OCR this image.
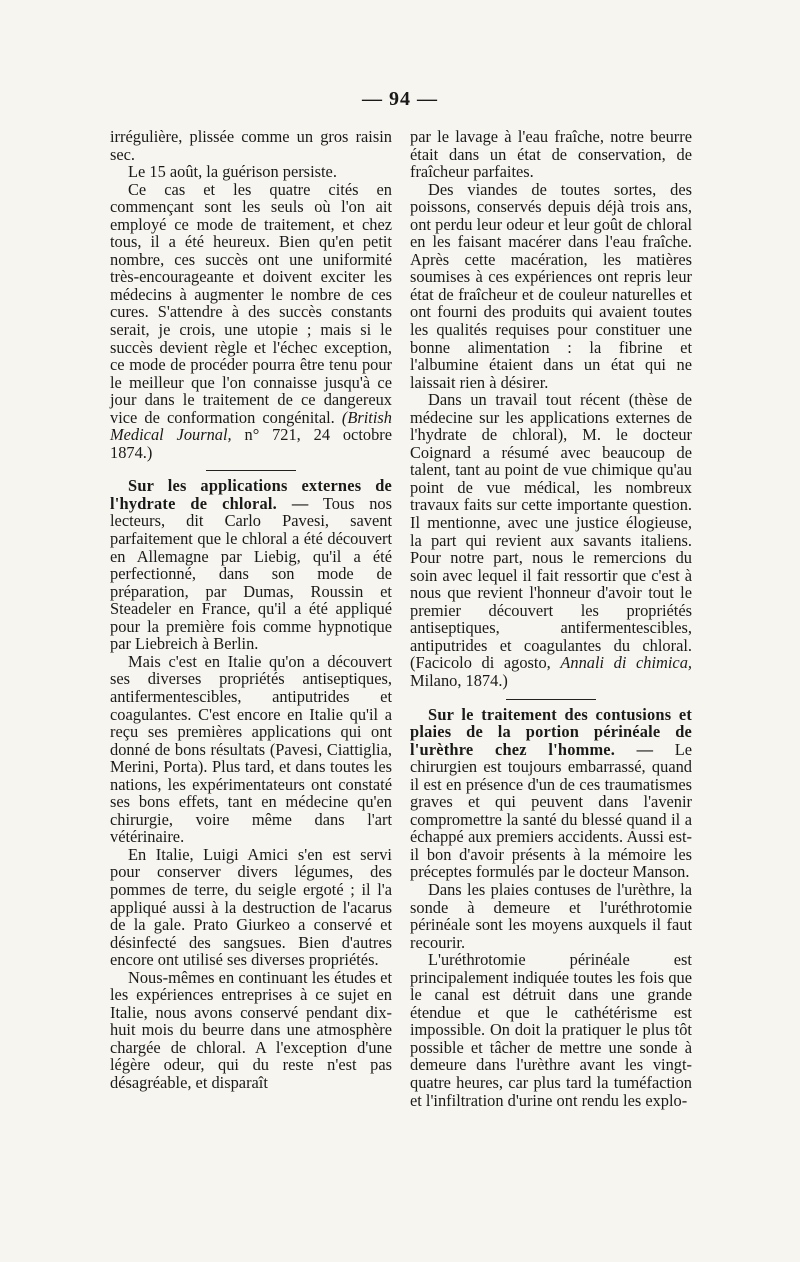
— 94 —

irrégulière, plissée comme un gros raisin sec.

Le 15 août, la guérison persiste.

Ce cas et les quatre cités en commençant sont les seuls où l'on ait employé ce mode de traitement, et chez tous, il a été heureux. Bien qu'en petit nombre, ces succès ont une uniformité très-encourageante et doivent exciter les médecins à augmenter le nombre de ces cures. S'attendre à des succès constants serait, je crois, une utopie ; mais si le succès devient règle et l'échec exception, ce mode de procéder pourra être tenu pour le meilleur que l'on connaisse jusqu'à ce jour dans le traitement de ce dangereux vice de conformation congénital. (British Medical Journal, n° 721, 24 octobre 1874.)

Sur les applications externes de l'hydrate de chloral. — Tous nos lecteurs, dit Carlo Pavesi, savent parfaitement que le chloral a été découvert en Allemagne par Liebig, qu'il a été perfectionné, dans son mode de préparation, par Dumas, Roussin et Steadeler en France, qu'il a été appliqué pour la première fois comme hypnotique par Liebreich à Berlin.

Mais c'est en Italie qu'on a découvert ses diverses propriétés antiseptiques, antifermentescibles, antiputrides et coagulantes. C'est encore en Italie qu'il a reçu ses premières applications qui ont donné de bons résultats (Pavesi, Ciattiglia, Merini, Porta). Plus tard, et dans toutes les nations, les expérimentateurs ont constaté ses bons effets, tant en médecine qu'en chirurgie, voire même dans l'art vétérinaire.

En Italie, Luigi Amici s'en est servi pour conserver divers légumes, des pommes de terre, du seigle ergoté ; il l'a appliqué aussi à la destruction de l'acarus de la gale. Prato Giurkeo a conservé et désinfecté des sangsues. Bien d'autres encore ont utilisé ses diverses propriétés.

Nous-mêmes en continuant les études et les expériences entreprises à ce sujet en Italie, nous avons conservé pendant dix-huit mois du beurre dans une atmosphère chargée de chloral. A l'exception d'une légère odeur, qui du reste n'est pas désagréable, et disparaît

par le lavage à l'eau fraîche, notre beurre était dans un état de conservation, de fraîcheur parfaites.

Des viandes de toutes sortes, des poissons, conservés depuis déjà trois ans, ont perdu leur odeur et leur goût de chloral en les faisant macérer dans l'eau fraîche. Après cette macération, les matières soumises à ces expériences ont repris leur état de fraîcheur et de couleur naturelles et ont fourni des produits qui avaient toutes les qualités requises pour constituer une bonne alimentation : la fibrine et l'albumine étaient dans un état qui ne laissait rien à désirer.

Dans un travail tout récent (thèse de médecine sur les applications externes de l'hydrate de chloral), M. le docteur Coignard a résumé avec beaucoup de talent, tant au point de vue chimique qu'au point de vue médical, les nombreux travaux faits sur cette importante question. Il mentionne, avec une justice élogieuse, la part qui revient aux savants italiens. Pour notre part, nous le remercions du soin avec lequel il fait ressortir que c'est à nous que revient l'honneur d'avoir tout le premier découvert les propriétés antiseptiques, antifermentescibles, antiputrides et coagulantes du chloral. (Facicolo di agosto, Annali di chimica, Milano, 1874.)

Sur le traitement des contusions et plaies de la portion périnéale de l'urèthre chez l'homme. — Le chirurgien est toujours embarrassé, quand il est en présence d'un de ces traumatismes graves et qui peuvent dans l'avenir compromettre la santé du blessé quand il a échappé aux premiers accidents. Aussi est-il bon d'avoir présents à la mémoire les préceptes formulés par le docteur Manson.

Dans les plaies contuses de l'urèthre, la sonde à demeure et l'uréthrotomie périnéale sont les moyens auxquels il faut recourir.

L'uréthrotomie périnéale est principalement indiquée toutes les fois que le canal est détruit dans une grande étendue et que le cathétérisme est impossible. On doit la pratiquer le plus tôt possible et tâcher de mettre une sonde à demeure dans l'urèthre avant les vingt-quatre heures, car plus tard la tuméfaction et l'infiltration d'urine ont rendu les explo-
